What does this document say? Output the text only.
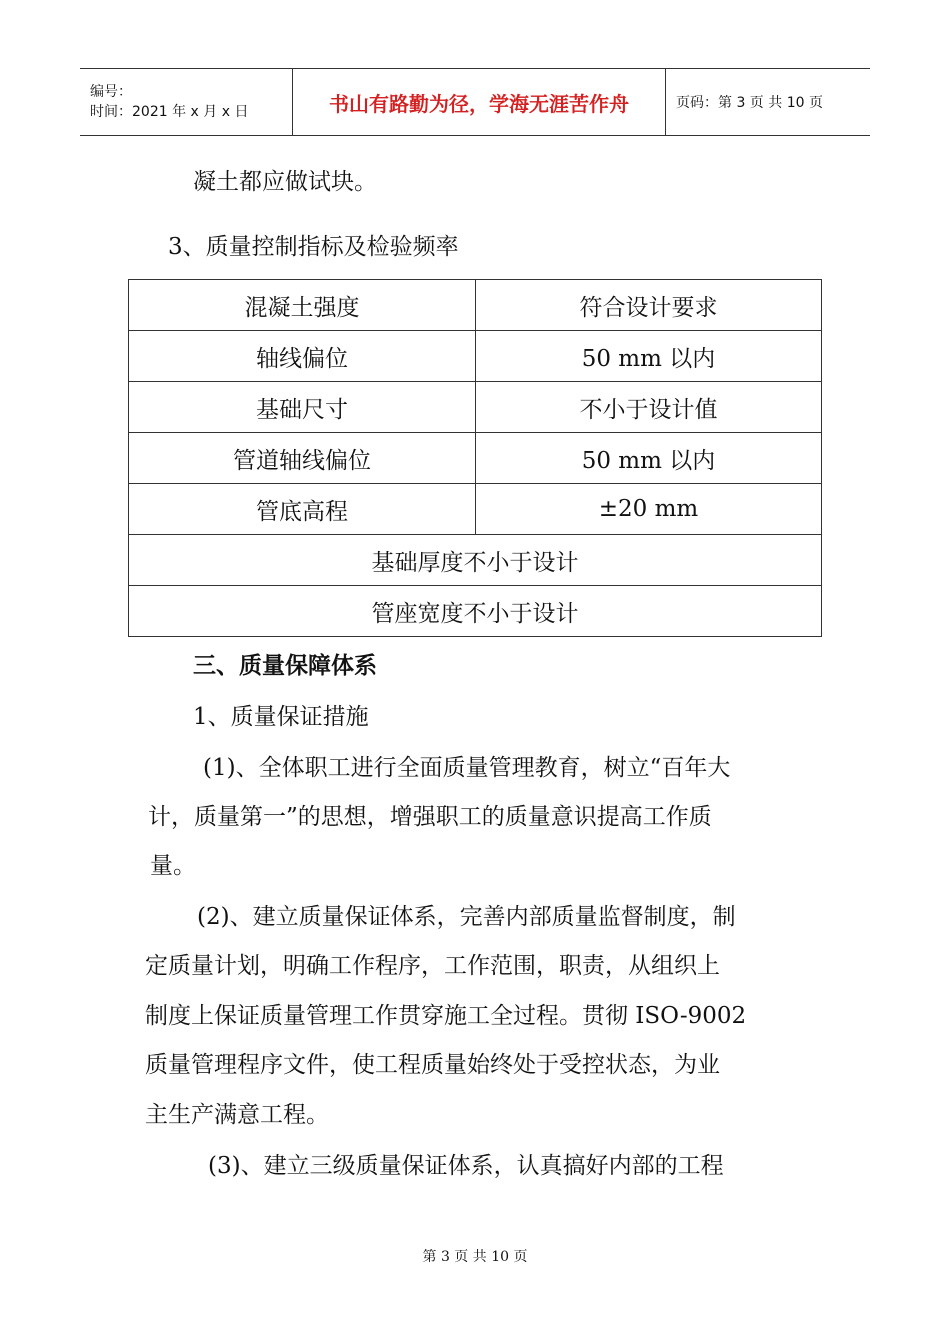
编号：
时间：2021 年 x 月 x 日	书山有路勤为径，学海无涯苦作舟	页码：第 3 页 共 10 页
凝土都应做试块。
3、质量控制指标及检验频率
混凝土强度	符合设计要求
轴线偏位	50 mm 以内
基础尺寸	不小于设计值
管道轴线偏位	50 mm 以内
管底高程	±20 mm
基础厚度不小于设计	
管座宽度不小于设计	
三、质量保障体系
1、质量保证措施
(1)、全体职工进行全面质量管理教育，树立“百年大
计，质量第一”的思想，增强职工的质量意识提高工作质
量。
(2)、建立质量保证体系，完善内部质量监督制度，制
定质量计划，明确工作程序，工作范围，职责，从组织上
制度上保证质量管理工作贯穿施工全过程。贯彻 ISO-9002
质量管理程序文件，使工程质量始终处于受控状态，为业
主生产满意工程。
(3)、建立三级质量保证体系，认真搞好内部的工程
第 3 页 共 10 页
